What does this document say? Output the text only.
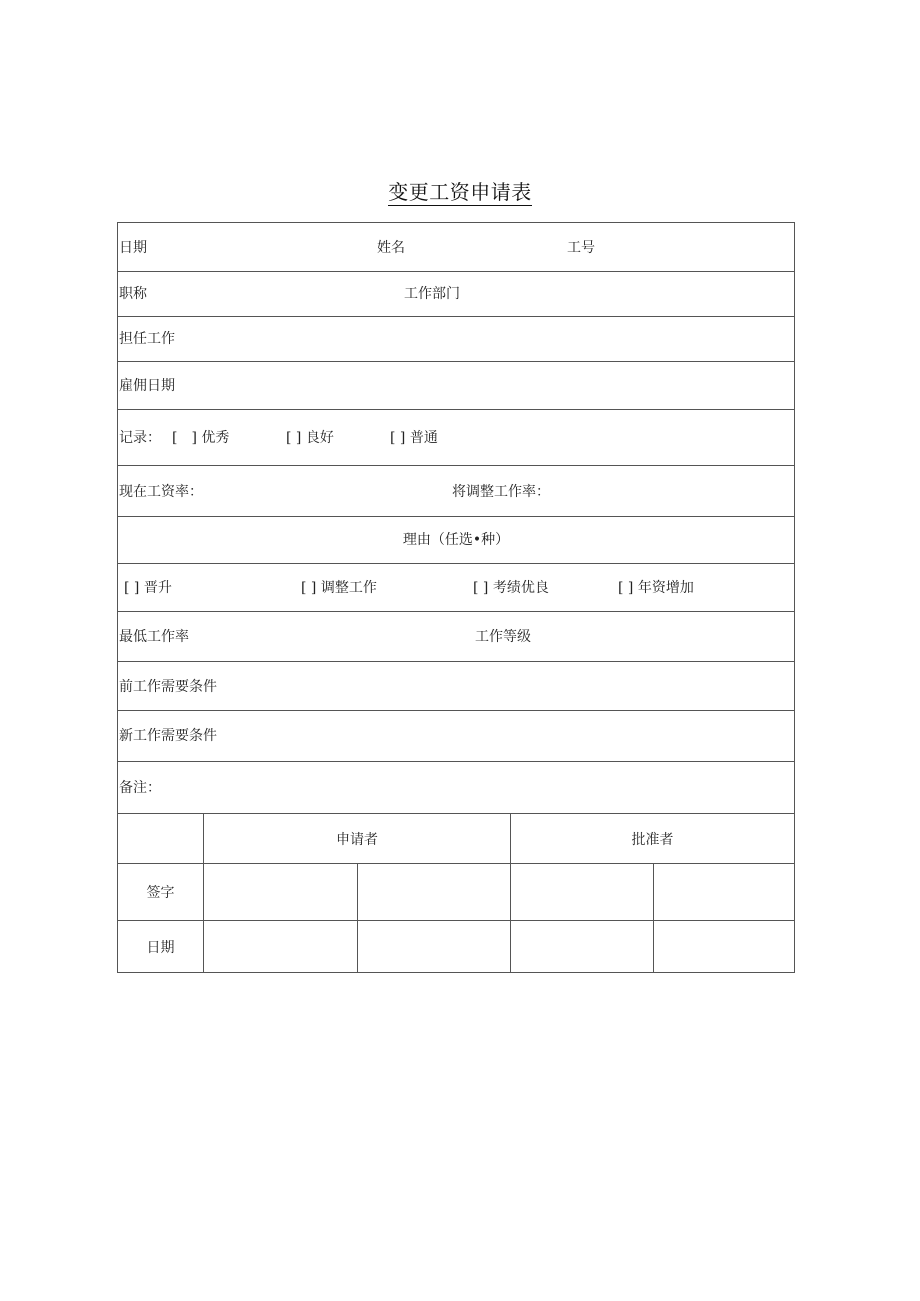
变更工资申请表
日期	姓名	工号
职称	工作部门
担任工作
雇佣日期
记录： [　] 优秀	[ ] 良好	[ ] 普通
现在工资率：	将调整工作率：
理由（任选•种）
[ ] 晋升	[ ] 调整工作	[ ] 考绩优良	[ ] 年资增加
最低工作率	工作等级
前工作需要条件
新工作需要条件
备注：
申请者	批准者
签字
日期
